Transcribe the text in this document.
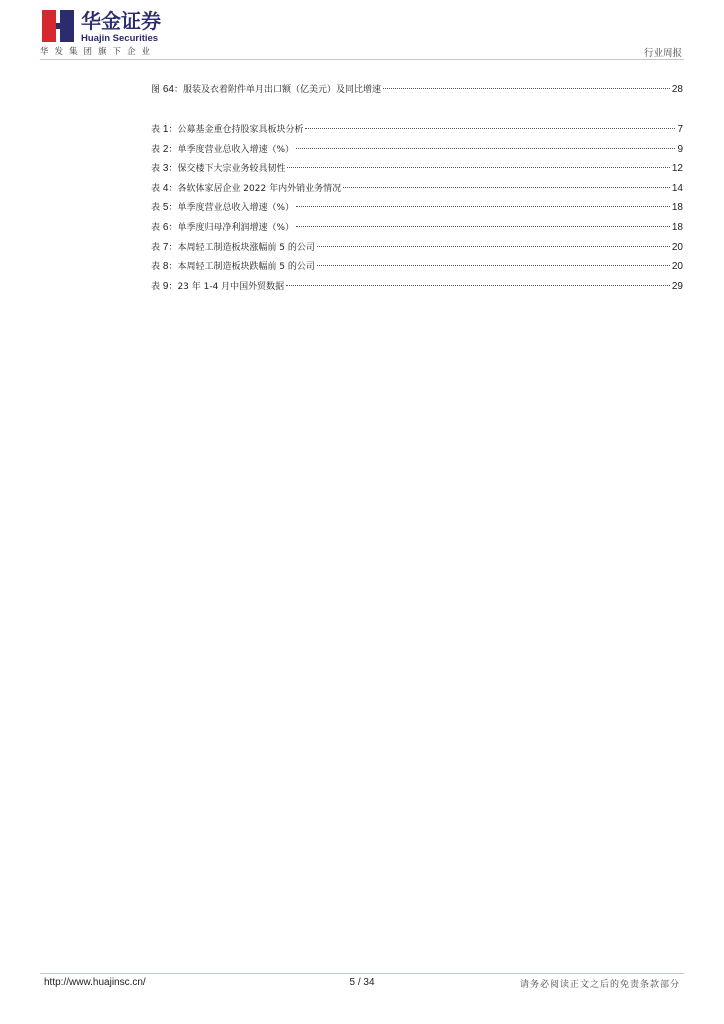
华金证券
Huajin Securities
华发集团旗下企业	行业周报
图 64：服装及衣着附件单月出口额（亿美元）及同比增速	28
表 1：公募基金重仓持股家具板块分析	7
表 2：单季度营业总收入增速（%）	9
表 3：保交楼下大宗业务较具韧性	12
表 4：各软体家居企业 2022 年内外销业务情况	14
表 5：单季度营业总收入增速（%）	18
表 6：单季度归母净利润增速（%）	18
表 7：本周轻工制造板块涨幅前 5 的公司	20
表 8：本周轻工制造板块跌幅前 5 的公司	20
表 9：23 年 1-4 月中国外贸数据	29
http://www.huajinsc.cn/	5 / 34	请务必阅读正文之后的免责条款部分
